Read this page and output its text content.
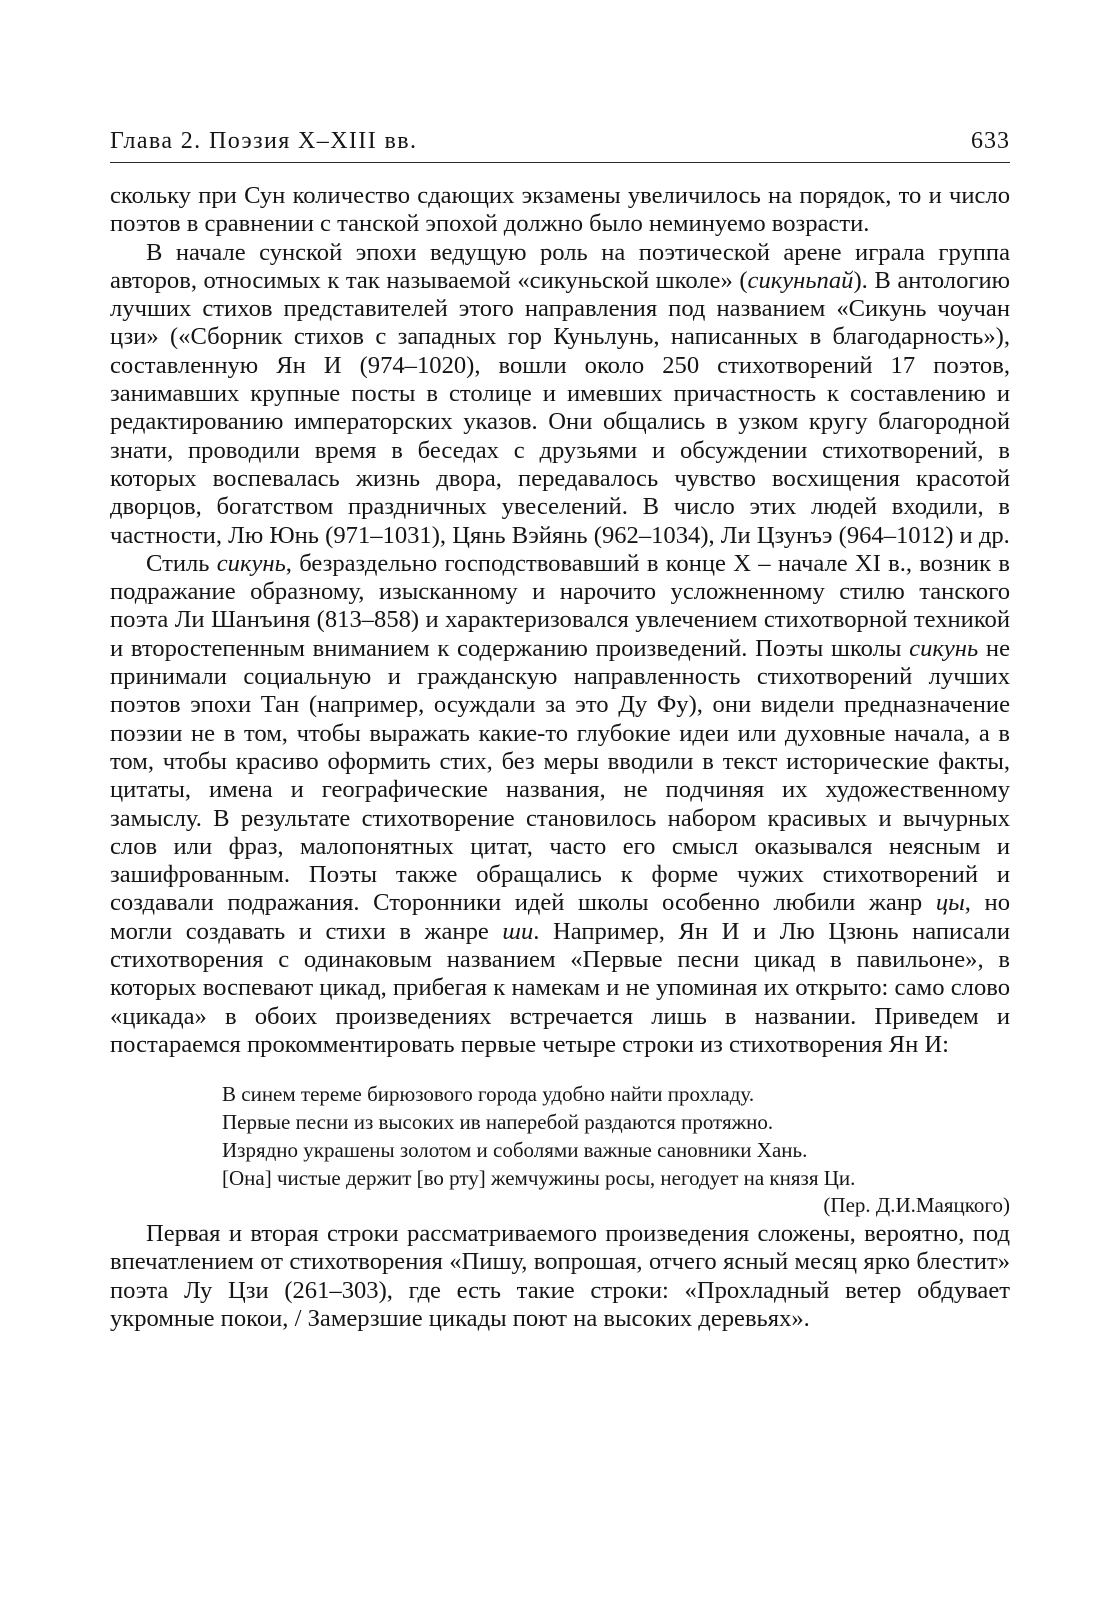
Глава 2. Поэзия X–XIII вв.	633

скольку при Сун количество сдающих экзамены увеличилось на порядок, то и число поэтов в сравнении с танской эпохой должно было неминуемо возрасти.

В начале сунской эпохи ведущую роль на поэтической арене играла группа авторов, относимых к так называемой «сикуньской школе» (сикуньпай). В антологию лучших стихов представителей этого направления под названием «Сикунь чоучан цзи» («Сборник стихов с западных гор Куньлунь, написанных в благодарность»), составленную Ян И (974–1020), вошли около 250 стихотворений 17 поэтов, занимавших крупные посты в столице и имевших причастность к составлению и редактированию императорских указов. Они общались в узком кругу благородной знати, проводили время в беседах с друзьями и обсуждении стихотворений, в которых воспевалась жизнь двора, передавалось чувство восхищения красотой дворцов, богатством праздничных увеселений. В число этих людей входили, в частности, Лю Юнь (971–1031), Цянь Вэйянь (962–1034), Ли Цзунъэ (964–1012) и др.

Стиль сикунь, безраздельно господствовавший в конце X – начале XI в., возник в подражание образному, изысканному и нарочито усложненному стилю танского поэта Ли Шанъиня (813–858) и характеризовался увлечением стихотворной техникой и второстепенным вниманием к содержанию произведений. Поэты школы сикунь не принимали социальную и гражданскую направленность стихотворений лучших поэтов эпохи Тан (например, осуждали за это Ду Фу), они видели предназначение поэзии не в том, чтобы выражать какие-то глубокие идеи или духовные начала, а в том, чтобы красиво оформить стих, без меры вводили в текст исторические факты, цитаты, имена и географические названия, не подчиняя их художественному замыслу. В результате стихотворение становилось набором красивых и вычурных слов или фраз, малопонятных цитат, часто его смысл оказывался неясным и зашифрованным. Поэты также обращались к форме чужих стихотворений и создавали подражания. Сторонники идей школы особенно любили жанр цы, но могли создавать и стихи в жанре ши. Например, Ян И и Лю Цзюнь написали стихотворения с одинаковым названием «Первые песни цикад в павильоне», в которых воспевают цикад, прибегая к намекам и не упоминая их открыто: само слово «цикада» в обоих произведениях встречается лишь в названии. Приведем и постараемся прокомментировать первые четыре строки из стихотворения Ян И:

В синем тереме бирюзового города удобно найти прохладу.
Первые песни из высоких ив наперебой раздаются протяжно.
Изрядно украшены золотом и соболями важные сановники Хань.
[Она] чистые держит [во рту] жемчужины росы, негодует на князя Ци.
(Пер. Д.И.Маяцкого)

Первая и вторая строки рассматриваемого произведения сложены, вероятно, под впечатлением от стихотворения «Пишу, вопрошая, отчего ясный месяц ярко блестит» поэта Лу Цзи (261–303), где есть такие строки: «Прохладный ветер обдувает укромные покои, / Замерзшие цикады поют на высоких деревьях».
